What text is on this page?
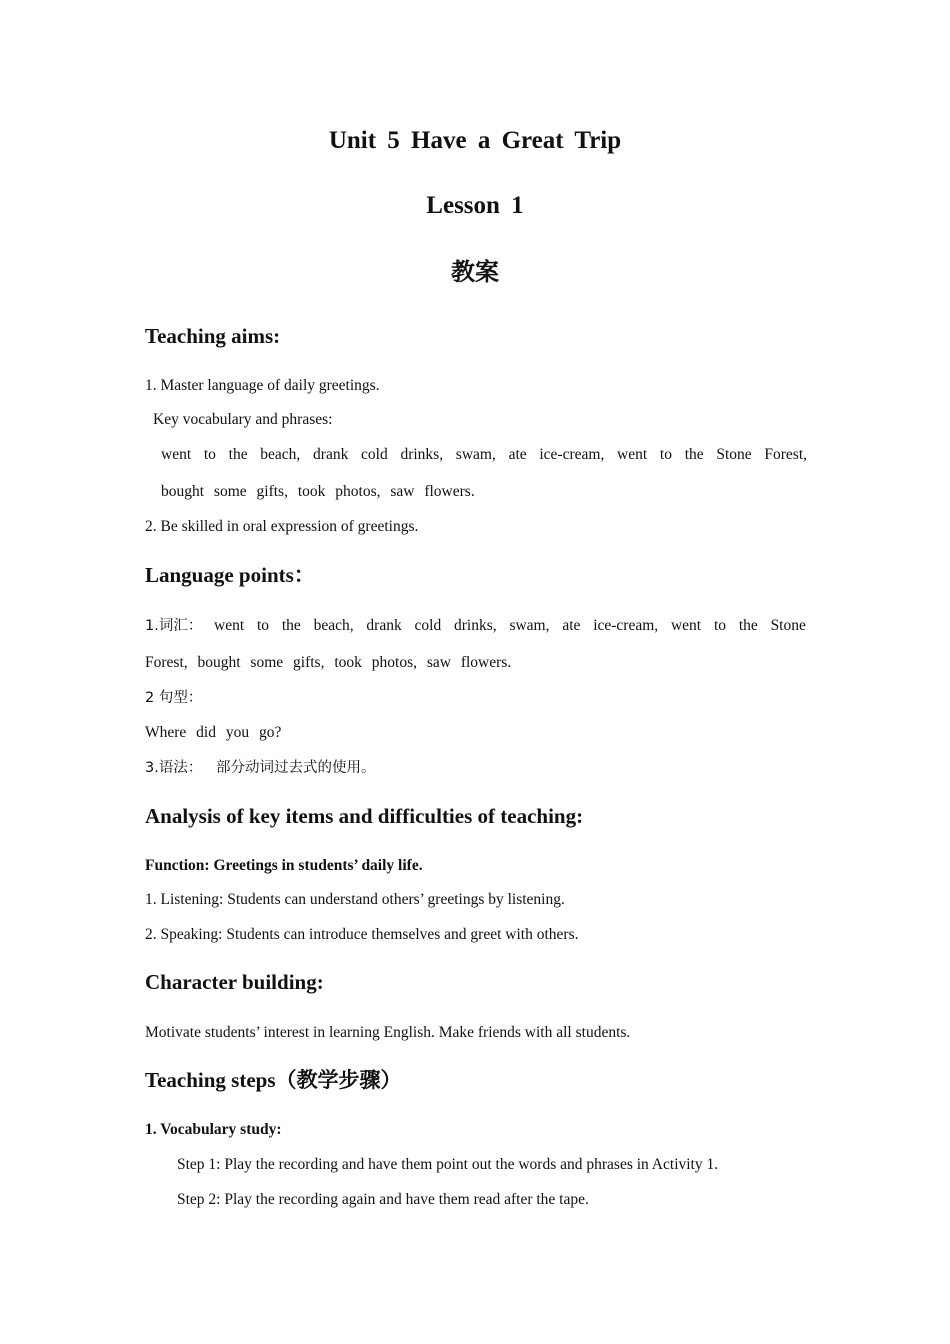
Unit 5 Have a Great Trip
Lesson 1
教案
Teaching aims:
1. Master language of daily greetings.
Key vocabulary and phrases:
went to the beach, drank cold drinks, swam, ate ice-cream, went to the Stone Forest,
bought some gifts, took photos, saw flowers.
2. Be skilled in oral expression of greetings.
Language points：
1.词汇： went to the beach, drank cold drinks, swam, ate ice-cream, went to the Stone
Forest, bought some gifts, took photos, saw flowers.
2 句型：
Where did you go?
3.语法： 部分动词过去式的使用。
Analysis of key items and difficulties of teaching:
Function: Greetings in students’ daily life.
1. Listening: Students can understand others’ greetings by listening.
2. Speaking: Students can introduce themselves and greet with others.
Character building:
Motivate students’ interest in learning English. Make friends with all students.
Teaching steps（教学步骤）
1. Vocabulary study:
Step 1: Play the recording and have them point out the words and phrases in Activity 1.
Step 2: Play the recording again and have them read after the tape.
